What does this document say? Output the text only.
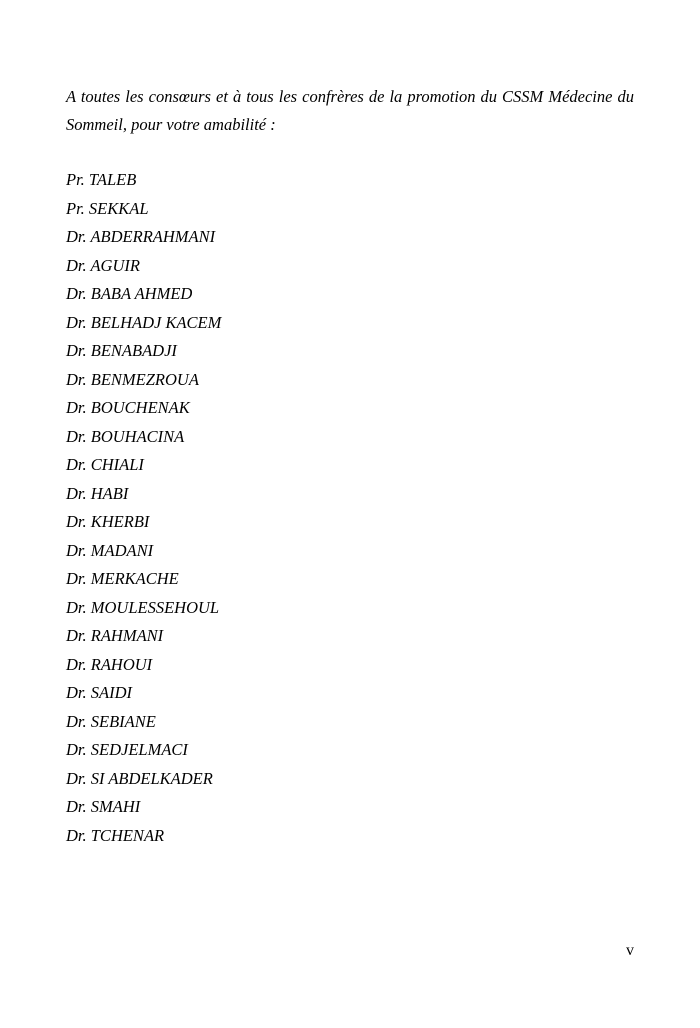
A toutes les consœurs et à tous les confrères de la promotion du CSSM Médecine du Sommeil, pour votre amabilité :

Pr. TALEB
Pr. SEKKAL
Dr. ABDERRAHMANI
Dr. AGUIR
Dr. BABA AHMED
Dr. BELHADJ KACEM
Dr. BENABADJI
Dr. BENMEZROUA
Dr. BOUCHENAK
Dr. BOUHACINA
Dr. CHIALI
Dr. HABI
Dr. KHERBI
Dr. MADANI
Dr. MERKACHE
Dr. MOULESSEHOUL
Dr. RAHMANI
Dr. RAHOUI
Dr. SAIDI
Dr. SEBIANE
Dr. SEDJELMACI
Dr. SI ABDELKADER
Dr. SMAHI
Dr. TCHENAR
v
